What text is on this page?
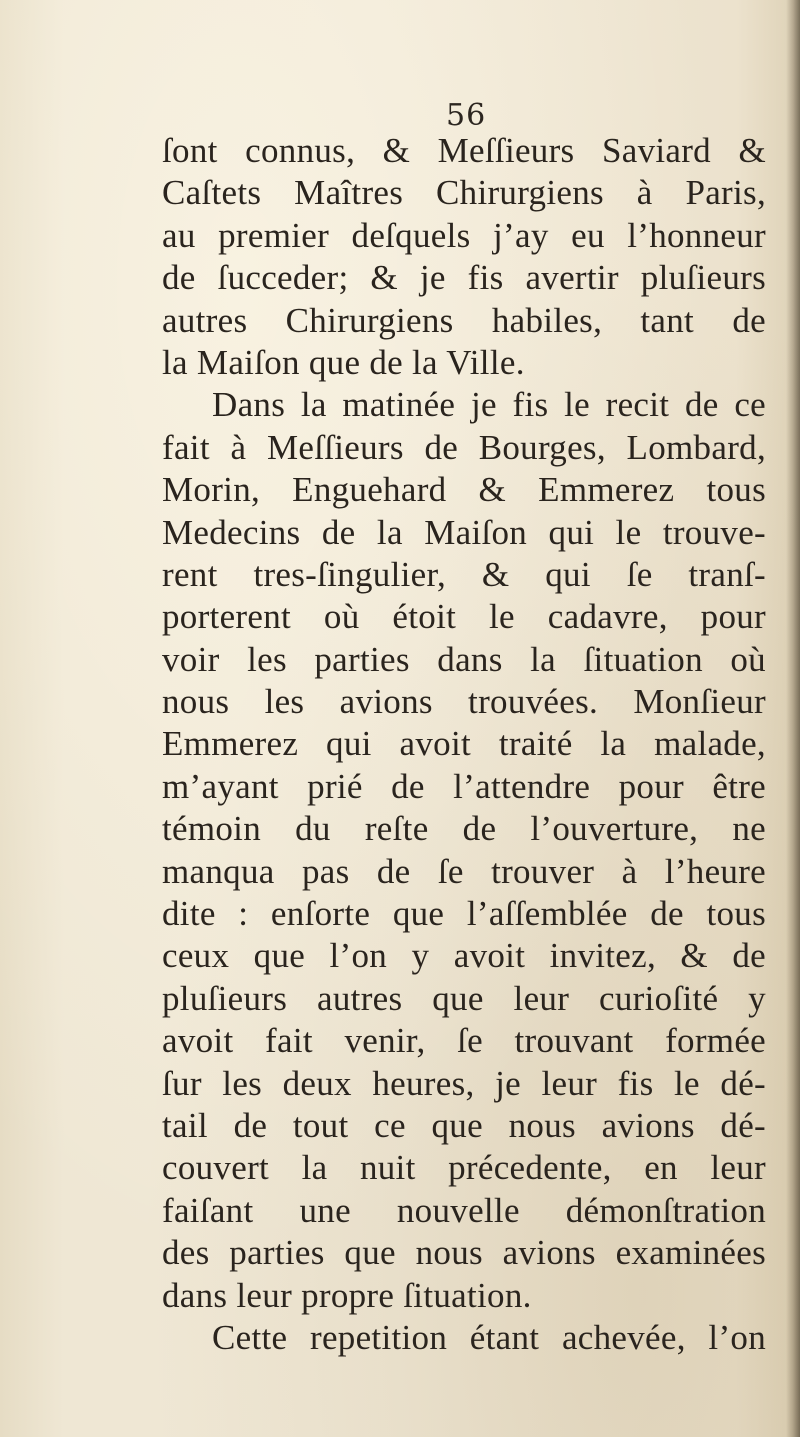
56
ſont connus, & Meſſieurs Saviard &
Caſtets Maîtres Chirurgiens à Paris,
au premier deſquels j’ay eu l’honneur
de ſucceder; & je fis avertir pluſieurs
autres Chirurgiens habiles, tant de
la Maiſon que de la Ville.
Dans la matinée je fis le recit de ce
fait à Meſſieurs de Bourges, Lombard,
Morin, Enguehard & Emmerez tous
Medecins de la Maiſon qui le trouve-
rent tres-ſingulier, & qui ſe tranſ-
porterent où étoit le cadavre, pour
voir les parties dans la ſituation où
nous les avions trouvées. Monſieur
Emmerez qui avoit traité la malade,
m’ayant prié de l’attendre pour être
témoin du reſte de l’ouverture, ne
manqua pas de ſe trouver à l’heure
dite : enſorte que l’aſſemblée de tous
ceux que l’on y avoit invitez, & de
pluſieurs autres que leur curioſité y
avoit fait venir, ſe trouvant formée
ſur les deux heures, je leur fis le dé-
tail de tout ce que nous avions dé-
couvert la nuit précedente, en leur
faiſant une nouvelle démonſtration
des parties que nous avions examinées
dans leur propre ſituation.
Cette repetition étant achevée, l’on
